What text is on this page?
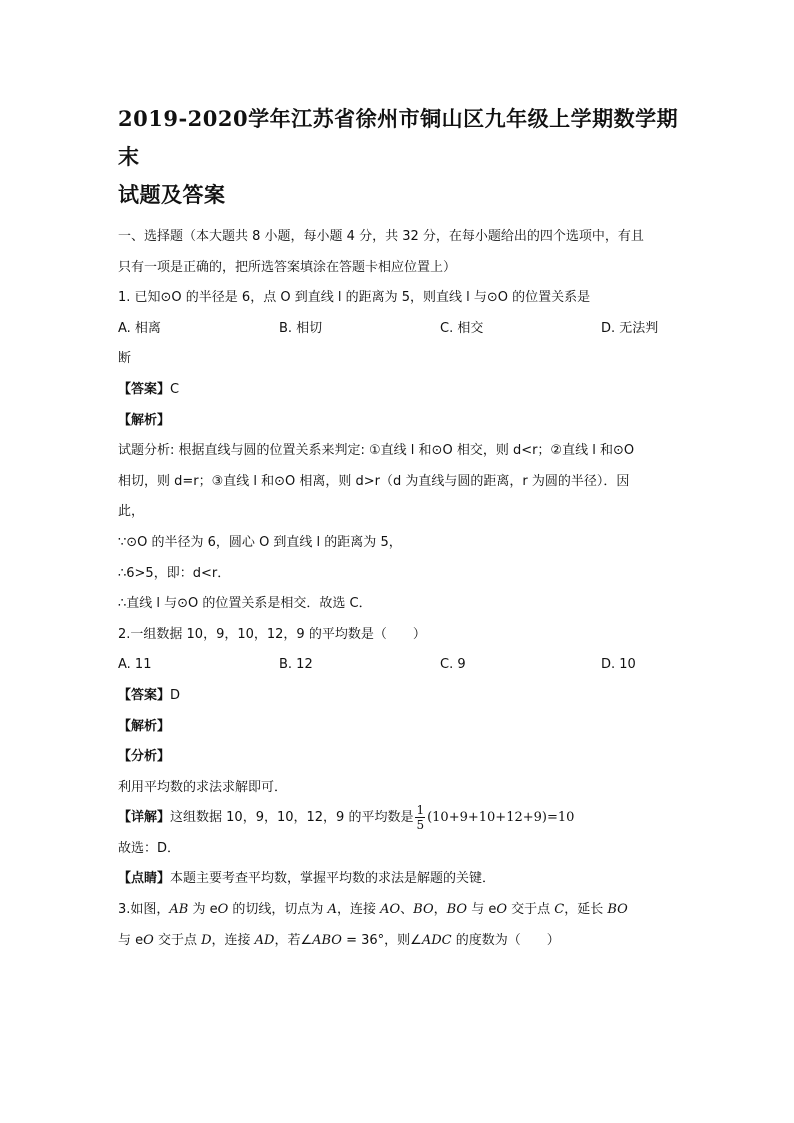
2019-2020学年江苏省徐州市铜山区九年级上学期数学期末

试题及答案

一、选择题（本大题共 8 小题，每小题 4 分，共 32 分，在每小题给出的四个选项中，有且

只有一项是正确的，把所选答案填涂在答题卡相应位置上）

1. 已知⊙O 的半径是 6，点 O 到直线 l 的距离为 5，则直线 l 与⊙O 的位置关系是

A. 相离	B. 相切	C. 相交	D. 无法判

断

【答案】C

【解析】

试题分析: 根据直线与圆的位置关系来判定: ①直线 l 和⊙O 相交，则 d<r；②直线 l 和⊙O

相切，则 d=r；③直线 l 和⊙O 相离，则 d>r（d 为直线与圆的距离，r 为圆的半径）．因

此，

∵⊙O 的半径为 6，圆心 O 到直线 l 的距离为 5，

∴6>5，即：d<r．

∴直线 l 与⊙O 的位置关系是相交．故选 C．

2.一组数据 10，9，10，12，9 的平均数是（　　）

A. 11	B. 12	C. 9	D. 10

【答案】D

【解析】

【分析】

利用平均数的求法求解即可．

【详解】这组数据 10，9，10，12，9 的平均数是 $\frac{1}{5} (10+9+10+12+9)=10$

故选：D．

【点睛】本题主要考查平均数，掌握平均数的求法是解题的关键．

3.如图，AB 为 eO 的切线，切点为 A，连接 AO、BO，BO 与 eO 交于点 C，延长 BO

与 eO 交于点 D，连接 AD，若∠ABO = 36°，则∠ADC 的度数为（　　）
